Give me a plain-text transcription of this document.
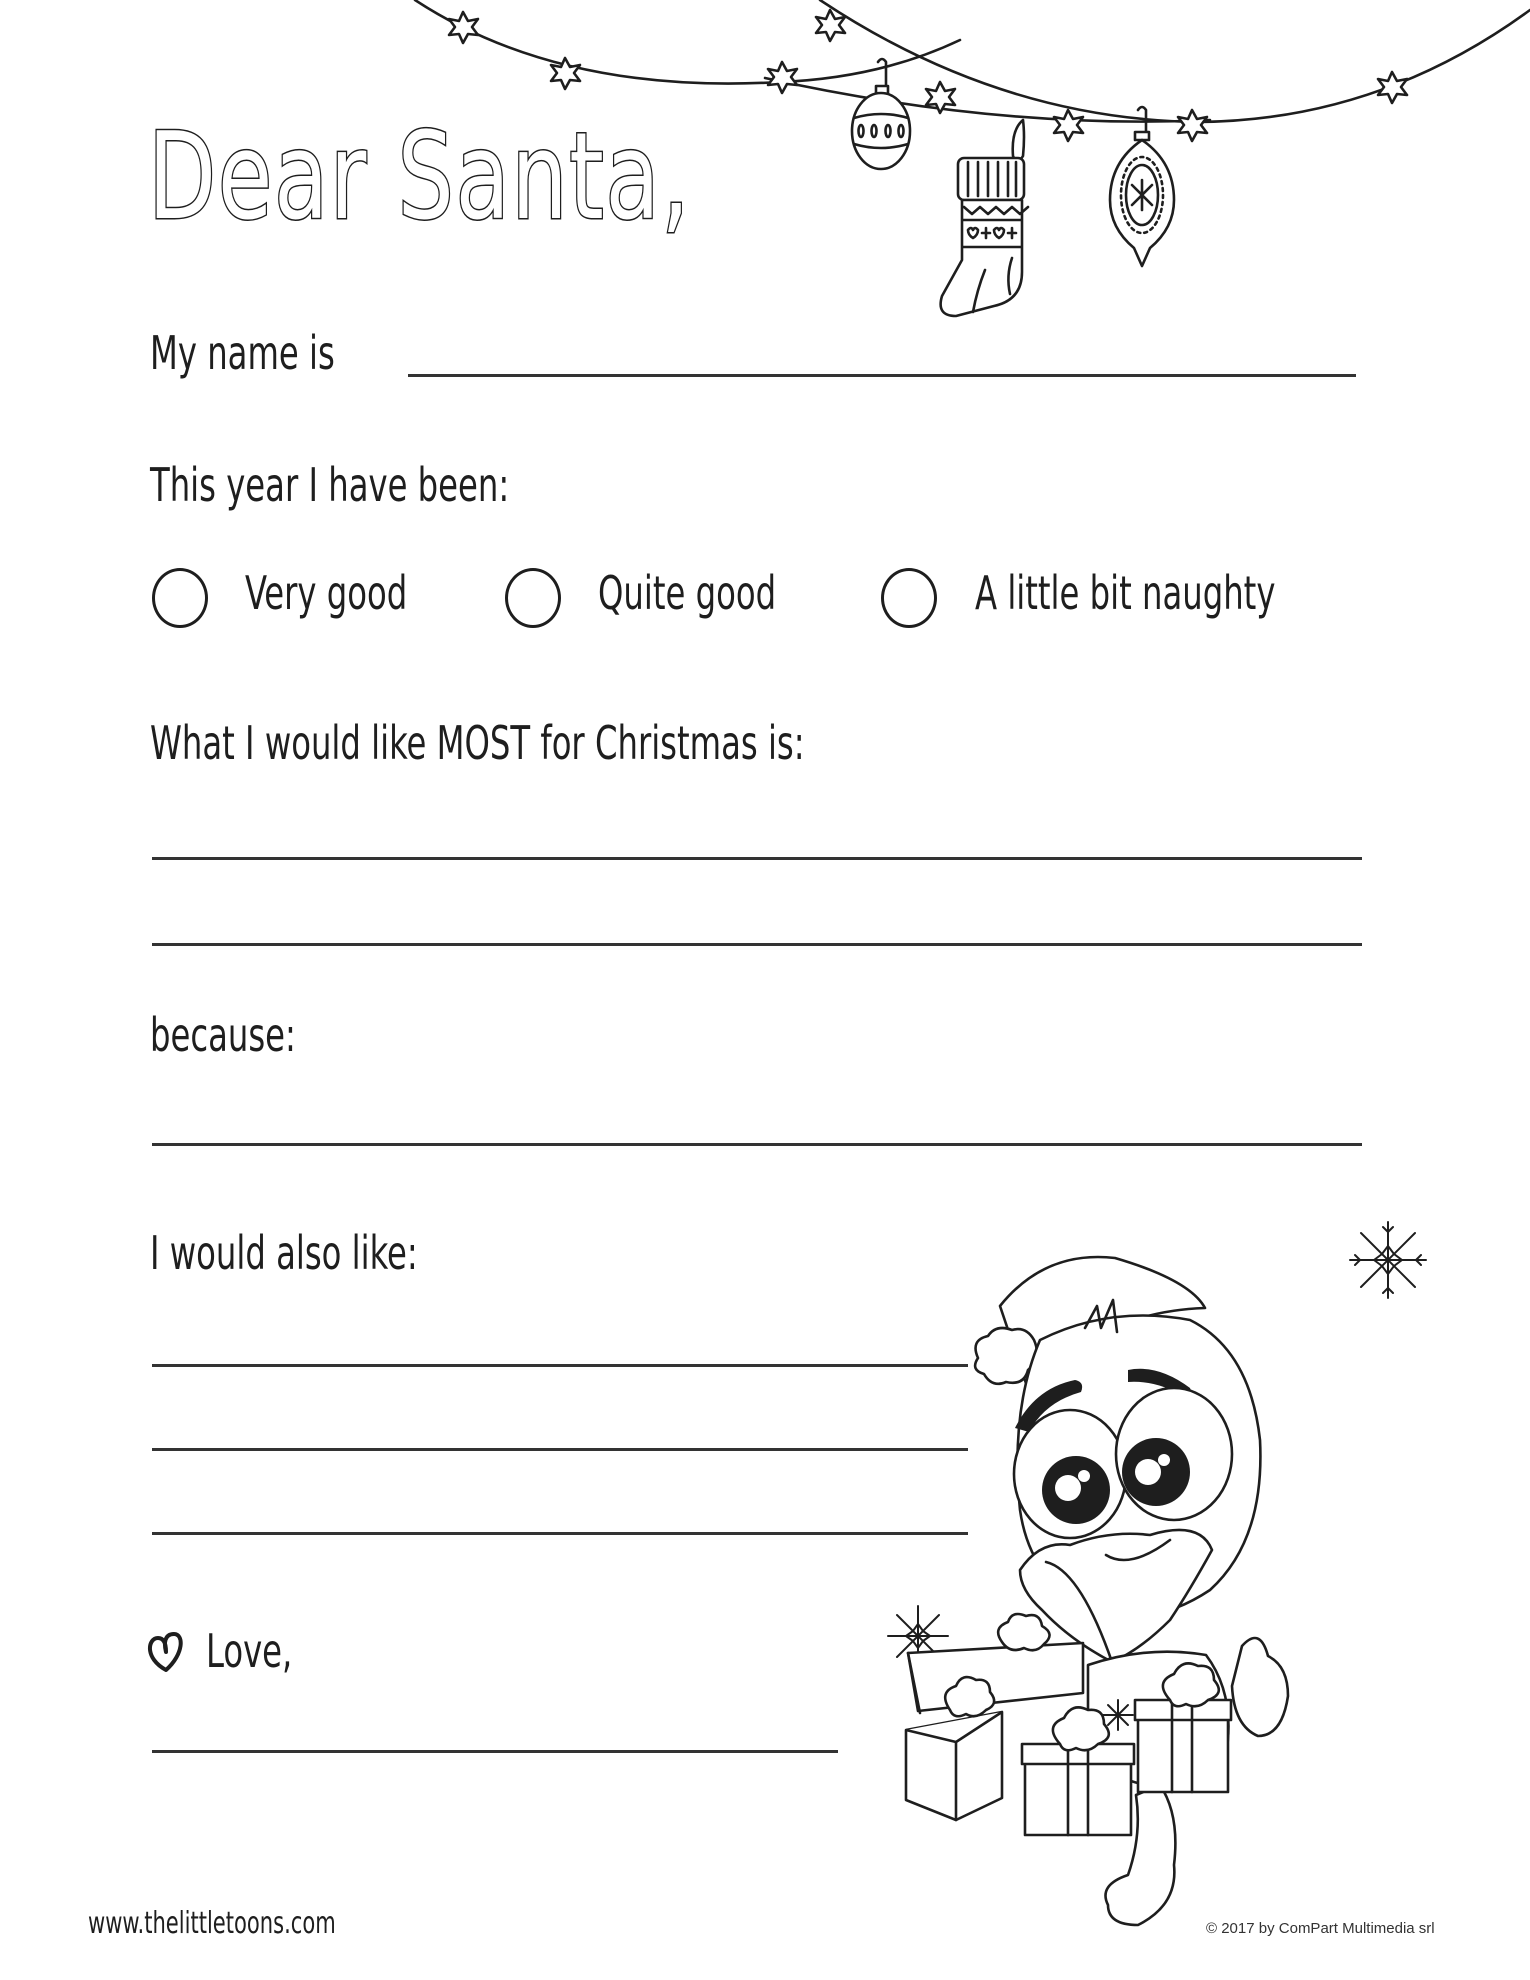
Dear Santa,
My name is
This year I have been:
Very good	Quite good	A little bit naughty
What I would like MOST for Christmas is:
because:
I would also like:
Love,
www.thelittletoons.com	© 2017 by ComPart Multimedia srl
